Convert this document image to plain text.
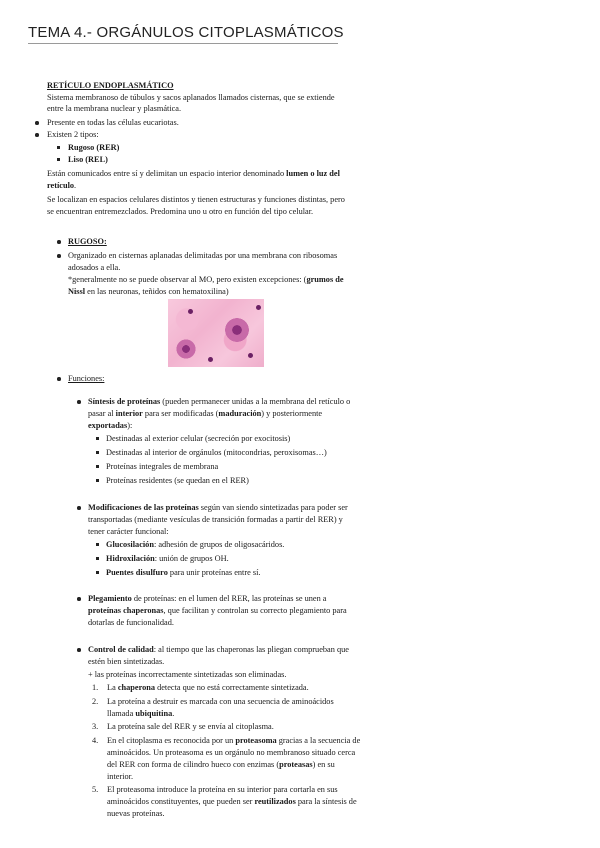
TEMA 4.- ORGÁNULOS CITOPLASMÁTICOS
RETÍCULO ENDOPLASMÁTICO
Sistema membranoso de túbulos y sacos aplanados llamados cisternas, que se extiende
entre la membrana nuclear y plasmática.
Presente en todas las células eucariotas.
Existen 2 tipos:
Rugoso (RER)
Liso (REL)
Están comunicados entre sí y delimitan un espacio interior denominado lumen o luz del
retículo.
Se localizan en espacios celulares distintos y tienen estructuras y funciones distintas, pero
se encuentran entremezclados. Predomina uno u otro en función del tipo celular.
RUGOSO:
Organizado en cisternas aplanadas delimitadas por una membrana con ribosomas
adosados a ella.
*generalmente no se puede observar al MO, pero existen excepciones: (grumos de
Nissl en las neuronas, teñidos con hematoxilina)
Funciones:
Síntesis de proteínas (pueden permanecer unidas a la membrana del retículo o
pasar al interior para ser modificadas (maduración) y posteriormente
exportadas):
Destinadas al exterior celular (secreción por exocitosis)
Destinadas al interior de orgánulos (mitocondrias, peroxisomas…)
Proteínas integrales de membrana
Proteínas residentes (se quedan en el RER)
Modificaciones de las proteínas según van siendo sintetizadas para poder ser
transportadas (mediante vesículas de transición formadas a partir del RER) y
tener carácter funcional:
Glucosilación: adhesión de grupos de oligosacáridos.
Hidroxilación: unión de grupos OH.
Puentes disulfuro para unir proteínas entre sí.
Plegamiento de proteínas: en el lumen del RER, las proteínas se unen a
proteínas chaperonas, que facilitan y controlan su correcto plegamiento para
dotarlas de funcionalidad.
Control de calidad: al tiempo que las chaperonas las pliegan comprueban que
estén bien sintetizadas.
+ las proteínas incorrectamente sintetizadas son eliminadas.
1. La chaperona detecta que no está correctamente sintetizada.
2. La proteína a destruir es marcada con una secuencia de aminoácidos
llamada ubiquitina.
3. La proteína sale del RER y se envía al citoplasma.
4. En el citoplasma es reconocida por un proteasoma gracias a la secuencia de
aminoácidos. Un proteasoma es un orgánulo no membranoso situado cerca
del RER con forma de cilindro hueco con enzimas (proteasas) en su
interior.
5. El proteasoma introduce la proteína en su interior para cortarla en sus
aminoácidos constituyentes, que pueden ser reutilizados para la síntesis de
nuevas proteínas.
